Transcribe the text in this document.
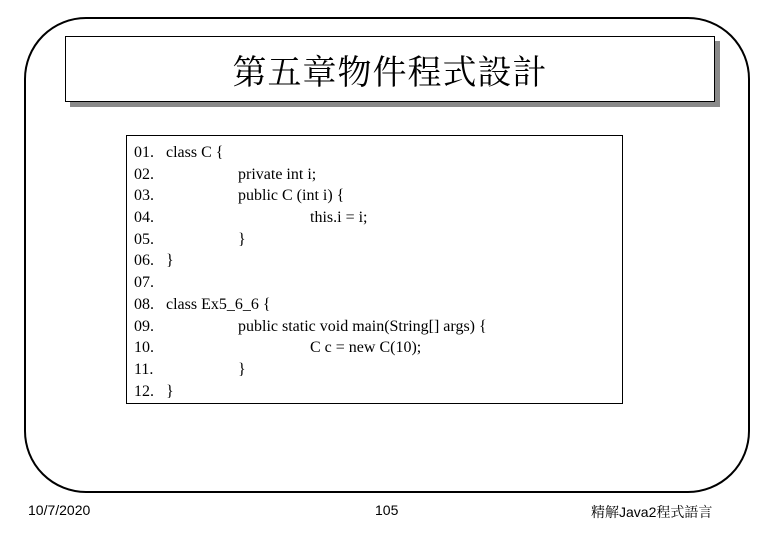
第五章物件程式設計
01. class C {
02.	private int i;
03.	public C (int i) {
04.	this.i = i;
05.	}
06. }
07.
08. class Ex5_6_6 {
09.	public static void main(String[] args) {
10.	C c = new C(10);
11.	}
12. }
10/7/2020	105	精解Java2程式語言
